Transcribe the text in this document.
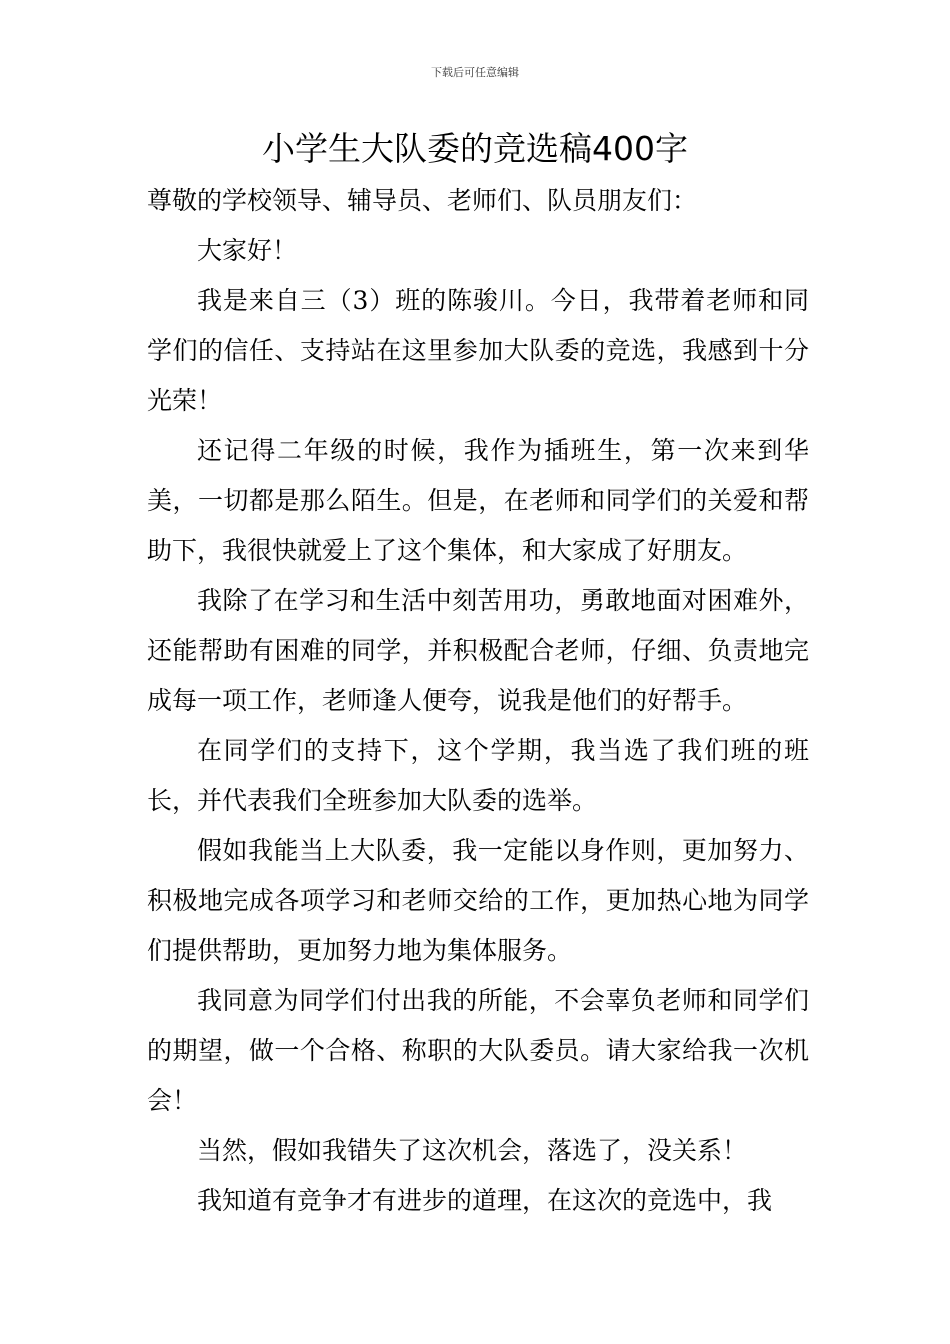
下载后可任意编辑
小学生大队委的竞选稿400字

尊敬的学校领导、辅导员、老师们、队员朋友们：

大家好！

我是来自三（3）班的陈骏川。今日，我带着老师和同学们的信任、支持站在这里参加大队委的竞选，我感到十分光荣！

还记得二年级的时候，我作为插班生，第一次来到华美，一切都是那么陌生。但是，在老师和同学们的关爱和帮助下，我很快就爱上了这个集体，和大家成了好朋友。

我除了在学习和生活中刻苦用功，勇敢地面对困难外，还能帮助有困难的同学，并积极配合老师，仔细、负责地完成每一项工作，老师逢人便夸，说我是他们的好帮手。

在同学们的支持下，这个学期，我当选了我们班的班长，并代表我们全班参加大队委的选举。

假如我能当上大队委，我一定能以身作则，更加努力、积极地完成各项学习和老师交给的工作，更加热心地为同学们提供帮助，更加努力地为集体服务。

我同意为同学们付出我的所能，不会辜负老师和同学们的期望，做一个合格、称职的大队委员。请大家给我一次机会！

当然，假如我错失了这次机会，落选了，没关系！

我知道有竞争才有进步的道理，在这次的竞选中，我
